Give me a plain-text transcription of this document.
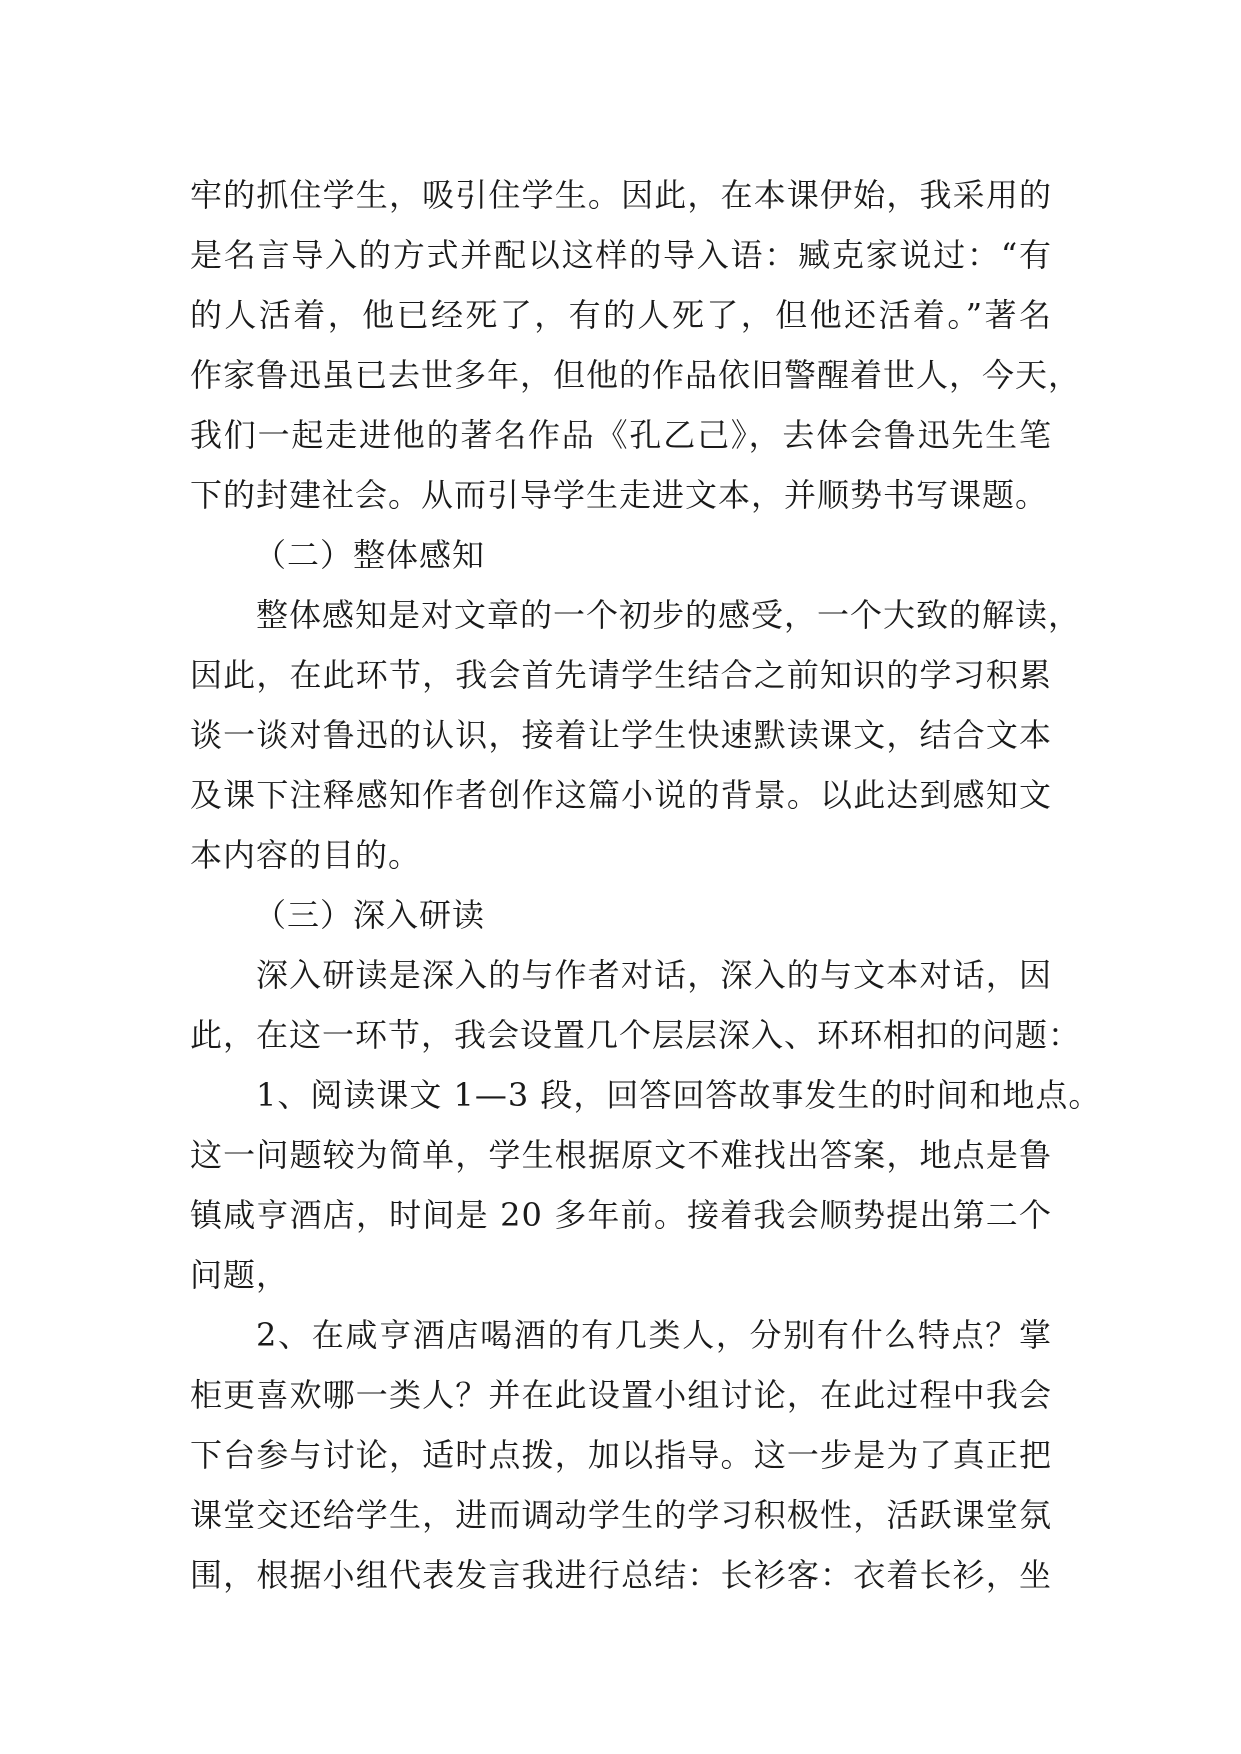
牢的抓住学生，吸引住学生。因此，在本课伊始，我采用的
是名言导入的方式并配以这样的导入语：臧克家说过：“有
的人活着，他已经死了，有的人死了，但他还活着。”著名
作家鲁迅虽已去世多年，但他的作品依旧警醒着世人，今天，
我们一起走进他的著名作品《孔乙己》，去体会鲁迅先生笔
下的封建社会。从而引导学生走进文本，并顺势书写课题。
（二）整体感知
整体感知是对文章的一个初步的感受，一个大致的解读，
因此，在此环节，我会首先请学生结合之前知识的学习积累
谈一谈对鲁迅的认识，接着让学生快速默读课文，结合文本
及课下注释感知作者创作这篇小说的背景。以此达到感知文
本内容的目的。
（三）深入研读
深入研读是深入的与作者对话，深入的与文本对话，因
此，在这一环节，我会设置几个层层深入、环环相扣的问题：
1、阅读课文 1—3 段，回答回答故事发生的时间和地点。
这一问题较为简单，学生根据原文不难找出答案，地点是鲁
镇咸亨酒店，时间是 20 多年前。接着我会顺势提出第二个
问题，
2、在咸亨酒店喝酒的有几类人，分别有什么特点？掌
柜更喜欢哪一类人？并在此设置小组讨论，在此过程中我会
下台参与讨论，适时点拨，加以指导。这一步是为了真正把
课堂交还给学生，进而调动学生的学习积极性，活跃课堂氛
围，根据小组代表发言我进行总结：长衫客：衣着长衫，坐
